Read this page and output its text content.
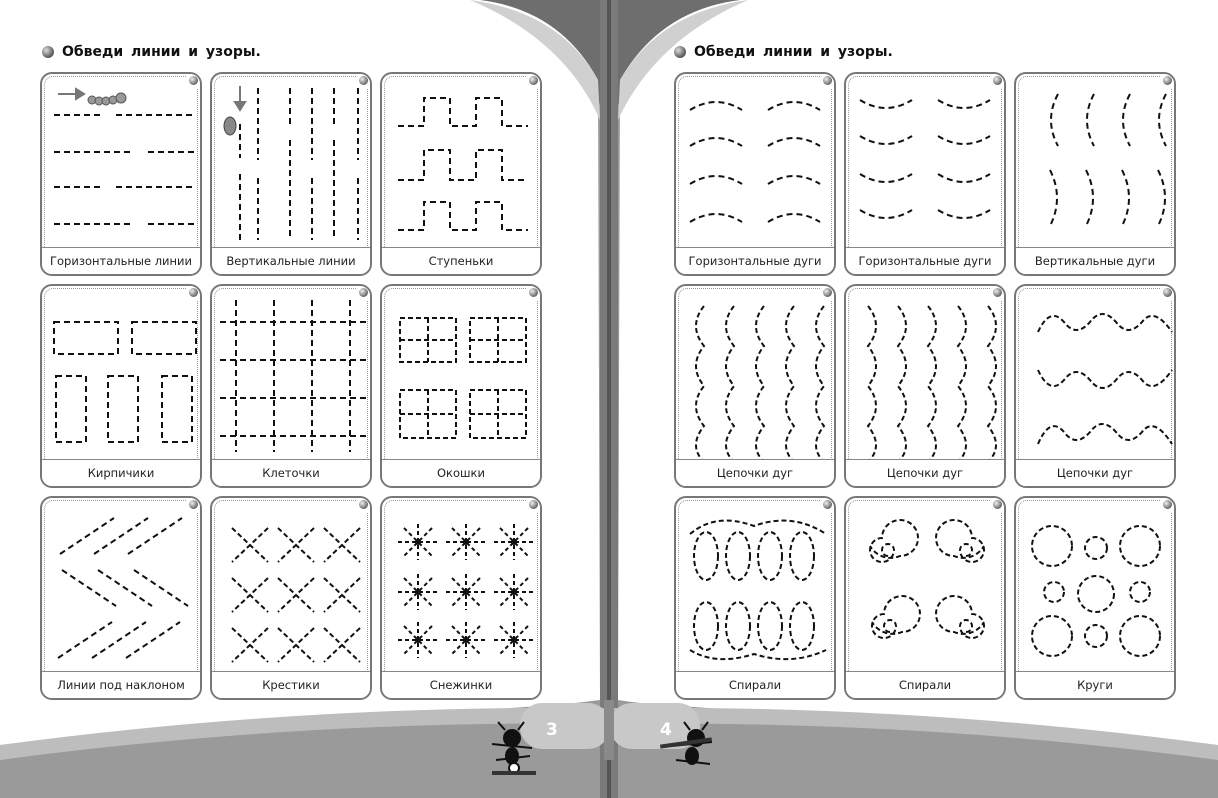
Обведи линии и узоры.	Обведи линии и узоры.
Горизонтальные линии	Вертикальные линии	Ступеньки
Кирпичики	Клеточки	Окошки
Линии под наклоном	Крестики	Снежинки
Горизонтальные дуги	Горизонтальные дуги	Вертикальные дуги
Цепочки дуг	Цепочки дуг	Цепочки дуг
Спирали	Спирали	Круги
3	4
